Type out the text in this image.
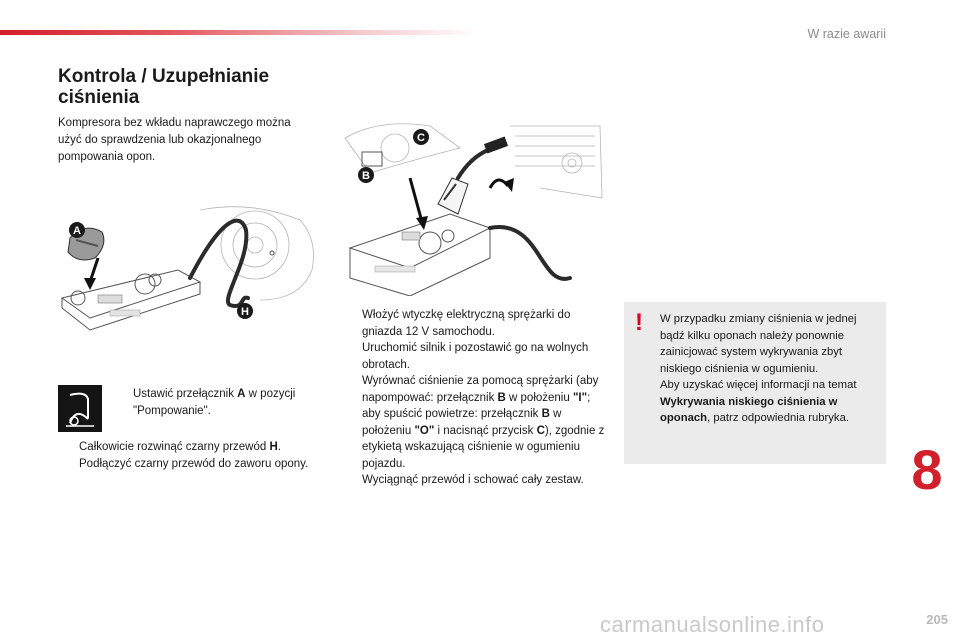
W razie awarii
Kontrola / Uzupełnianie ciśnienia

Kompresora bez wkładu naprawczego można użyć do sprawdzenia lub okazjonalnego pompowania opon.

A
H
C
B
Ustawić przełącznik A w pozycji "Pompowanie".
Całkowicie rozwinąć czarny przewód H.
Podłączyć czarny przewód do zaworu opony.
Włożyć wtyczkę elektryczną sprężarki do gniazda 12 V samochodu.
Uruchomić silnik i pozostawić go na wolnych obrotach.
Wyrównać ciśnienie za pomocą sprężarki (aby napompować: przełącznik B w położeniu "I"; aby spuścić powietrze: przełącznik B w położeniu "O" i nacisnąć przycisk C), zgodnie z etykietą wskazującą ciśnienie w ogumieniu pojazdu.
Wyciągnąć przewód i schować cały zestaw.
! W przypadku zmiany ciśnienia w jednej bądź kilku oponach należy ponownie zainicjować system wykrywania zbyt niskiego ciśnienia w ogumieniu.
Aby uzyskać więcej informacji na temat Wykrywania niskiego ciśnienia w oponach, patrz odpowiednia rubryka.

8
carmanualsonline.info	205
